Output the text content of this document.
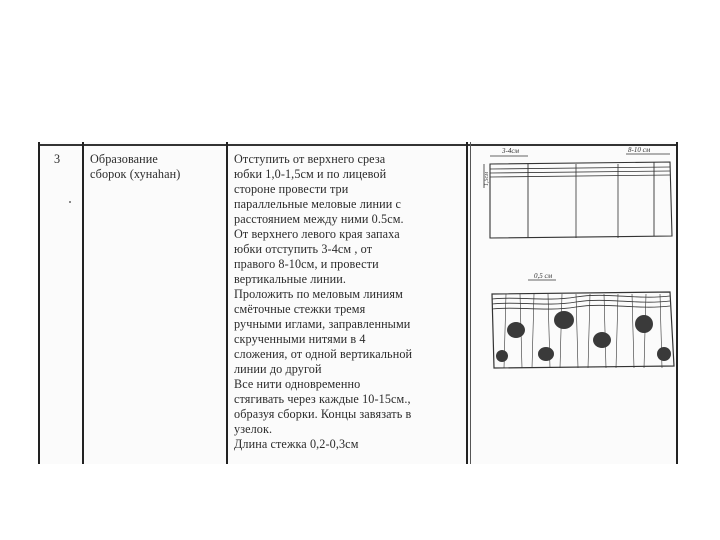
3 Образование
сборок (хунаhан)
Отступить от верхнего среза
юбки 1,0-1,5см и по лицевой
стороне провести три
параллельные меловые линии с
расстоянием между ними 0.5см.
От верхнего левого края запаха
юбки отступить 3-4см , от
правого 8-10см, и провести
вертикальные линии.
Проложить по меловым линиям
смёточные стежки тремя
ручными иглами, заправленными
скрученными нитями в 4
сложения, от одной вертикальной
линии до другой
Все нити одновременно
стягивать через каждые 10-15см.,
образуя сборки. Концы завязать в
узелок.
Длина стежка 0,2-0,3см
3-4см	8-10 см
1,5см
0,5 см
